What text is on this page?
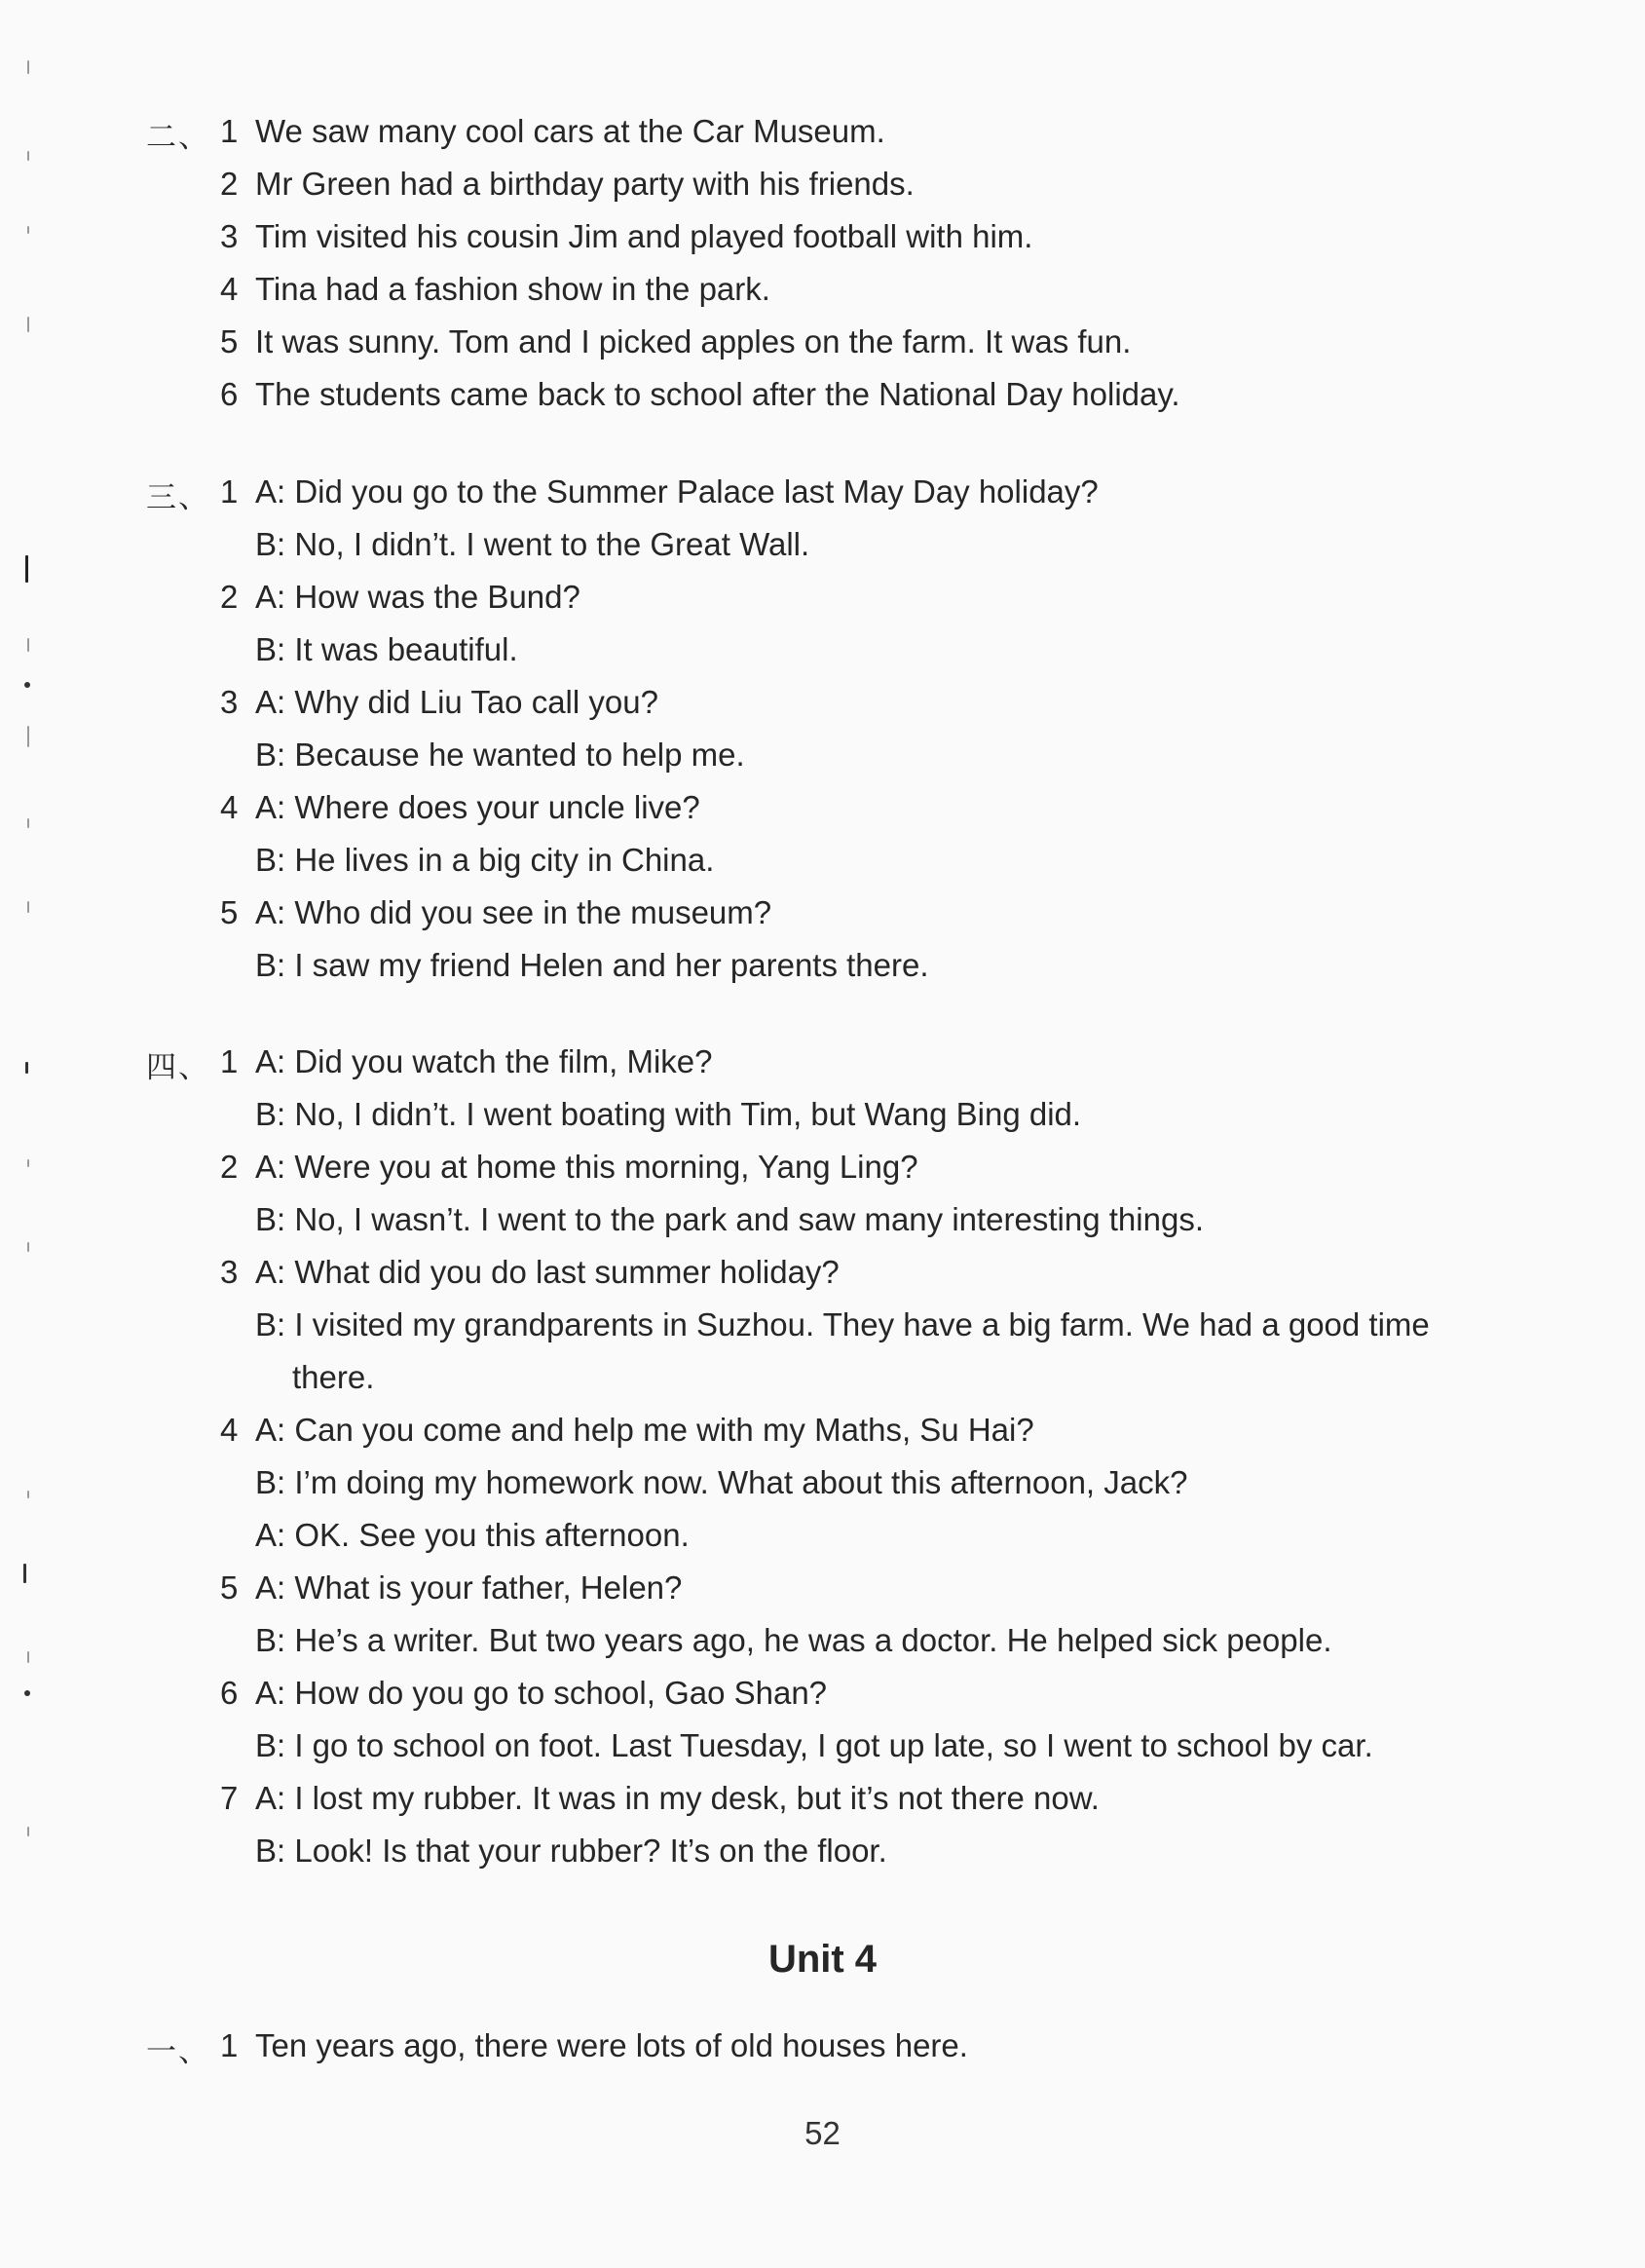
二、 1 We saw many cool cars at the Car Museum.
2 Mr Green had a birthday party with his friends.
3 Tim visited his cousin Jim and played football with him.
4 Tina had a fashion show in the park.
5 It was sunny. Tom and I picked apples on the farm. It was fun.
6 The students came back to school after the National Day holiday.
三、 1 A: Did you go to the Summer Palace last May Day holiday?
B: No, I didn’t. I went to the Great Wall.
2 A: How was the Bund?
B: It was beautiful.
3 A: Why did Liu Tao call you?
B: Because he wanted to help me.
4 A: Where does your uncle live?
B: He lives in a big city in China.
5 A: Who did you see in the museum?
B: I saw my friend Helen and her parents there.
四、 1 A: Did you watch the film, Mike?
B: No, I didn’t. I went boating with Tim, but Wang Bing did.
2 A: Were you at home this morning, Yang Ling?
B: No, I wasn’t. I went to the park and saw many interesting things.
3 A: What did you do last summer holiday?
B: I visited my grandparents in Suzhou. They have a big farm. We had a good time
there.
4 A: Can you come and help me with my Maths, Su Hai?
B: I’m doing my homework now. What about this afternoon, Jack?
A: OK. See you this afternoon.
5 A: What is your father, Helen?
B: He’s a writer. But two years ago, he was a doctor. He helped sick people.
6 A: How do you go to school, Gao Shan?
B: I go to school on foot. Last Tuesday, I got up late, so I went to school by car.
7 A: I lost my rubber. It was in my desk, but it’s not there now.
B: Look! Is that your rubber? It’s on the floor.
Unit 4
一、 1 Ten years ago, there were lots of old houses here.
52
